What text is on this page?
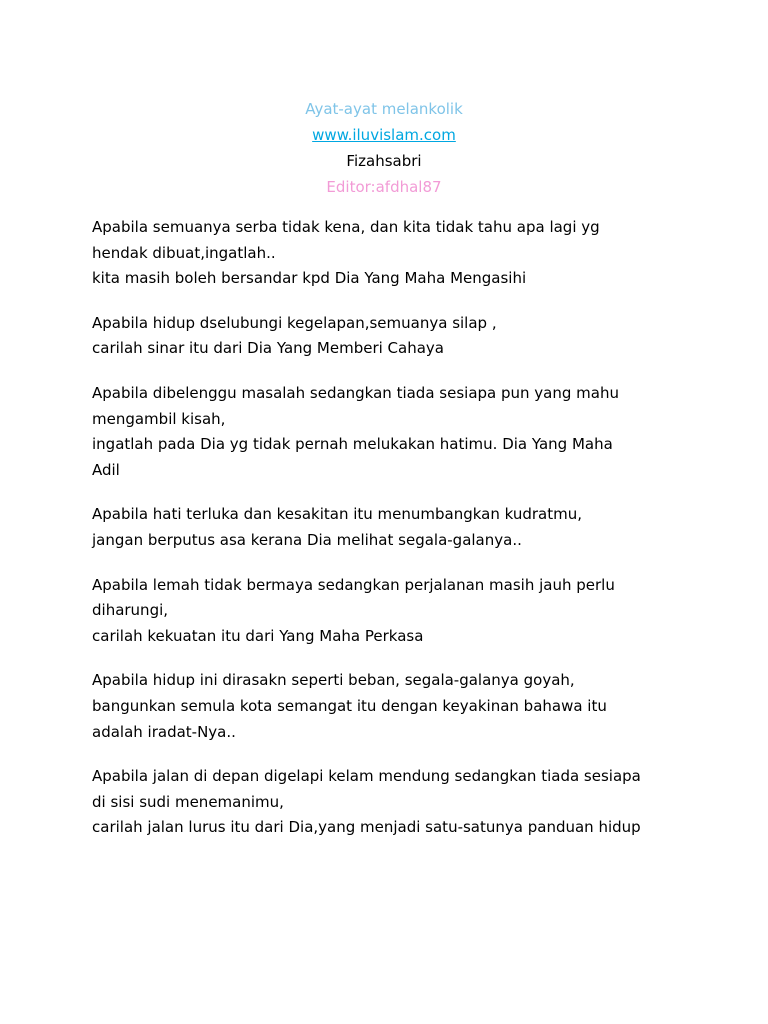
Ayat-ayat melankolik
www.iluvislam.com
Fizahsabri
Editor:afdhal87
Apabila semuanya serba tidak kena, dan kita tidak tahu apa lagi yg
hendak dibuat,ingatlah..
kita masih boleh bersandar kpd Dia Yang Maha Mengasihi
Apabila hidup dselubungi kegelapan,semuanya silap ,
carilah sinar itu dari Dia Yang Memberi Cahaya
Apabila dibelenggu masalah sedangkan tiada sesiapa pun yang mahu
mengambil kisah,
ingatlah pada Dia yg tidak pernah melukakan hatimu. Dia Yang Maha
Adil
Apabila hati terluka dan kesakitan itu menumbangkan kudratmu,
jangan berputus asa kerana Dia melihat segala-galanya..
Apabila lemah tidak bermaya sedangkan perjalanan masih jauh perlu
diharungi,
carilah kekuatan itu dari Yang Maha Perkasa
Apabila hidup ini dirasakn seperti beban, segala-galanya goyah,
bangunkan semula kota semangat itu dengan keyakinan bahawa itu
adalah iradat-Nya..
Apabila jalan di depan digelapi kelam mendung sedangkan tiada sesiapa
di sisi sudi menemanimu,
carilah jalan lurus itu dari Dia,yang menjadi satu-satunya panduan hidup
